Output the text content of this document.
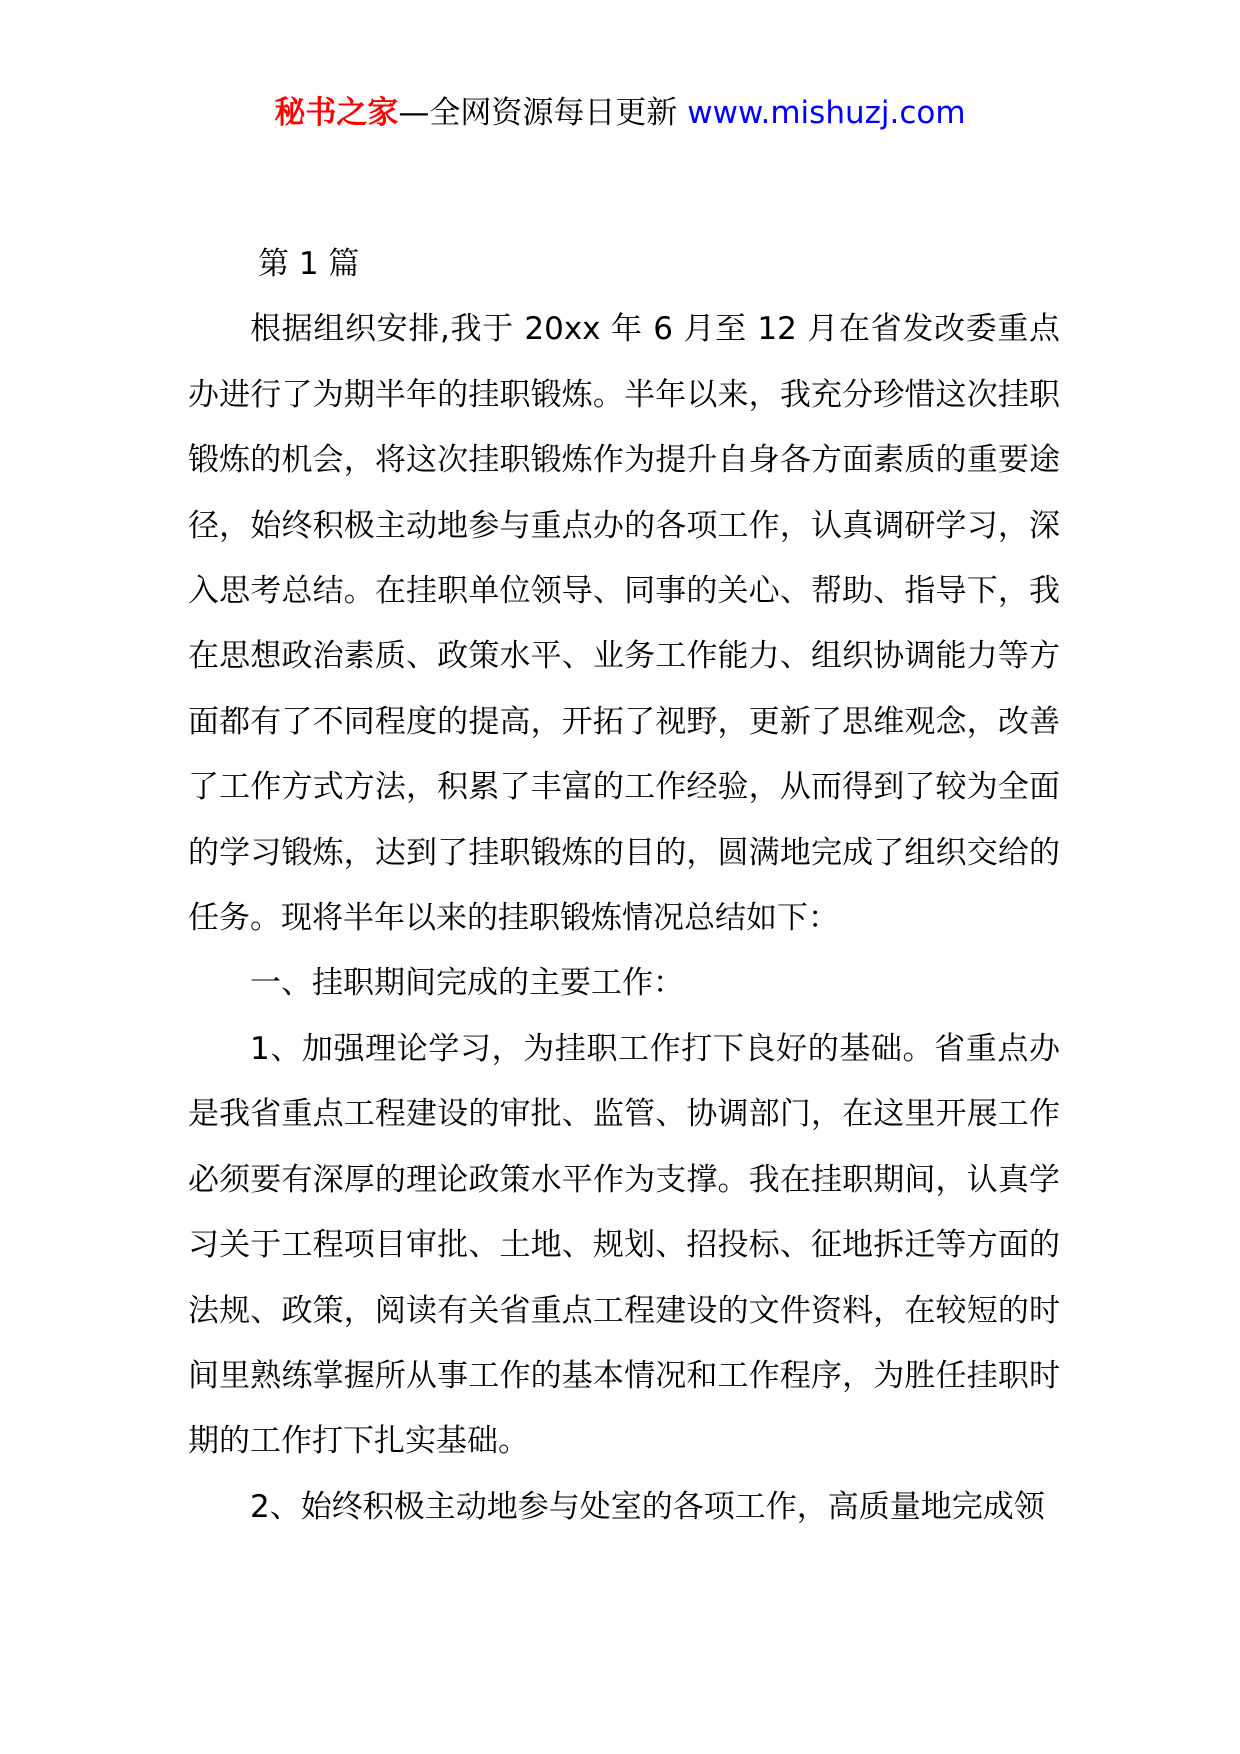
秘书之家—全网资源每日更新 www.mishuzj.com

第 1 篇

根据组织安排,我于 20xx 年 6 月至 12 月在省发改委重点办进行了为期半年的挂职锻炼。半年以来，我充分珍惜这次挂职锻炼的机会，将这次挂职锻炼作为提升自身各方面素质的重要途径，始终积极主动地参与重点办的各项工作，认真调研学习，深入思考总结。在挂职单位领导、同事的关心、帮助、指导下，我在思想政治素质、政策水平、业务工作能力、组织协调能力等方面都有了不同程度的提高，开拓了视野，更新了思维观念，改善了工作方式方法，积累了丰富的工作经验，从而得到了较为全面的学习锻炼，达到了挂职锻炼的目的，圆满地完成了组织交给的任务。现将半年以来的挂职锻炼情况总结如下：

一、挂职期间完成的主要工作：

1、加强理论学习，为挂职工作打下良好的基础。省重点办是我省重点工程建设的审批、监管、协调部门，在这里开展工作必须要有深厚的理论政策水平作为支撑。我在挂职期间，认真学习关于工程项目审批、土地、规划、招投标、征地拆迁等方面的法规、政策，阅读有关省重点工程建设的文件资料，在较短的时间里熟练掌握所从事工作的基本情况和工作程序，为胜任挂职时期的工作打下扎实基础。

2、始终积极主动地参与处室的各项工作，高质量地完成领
